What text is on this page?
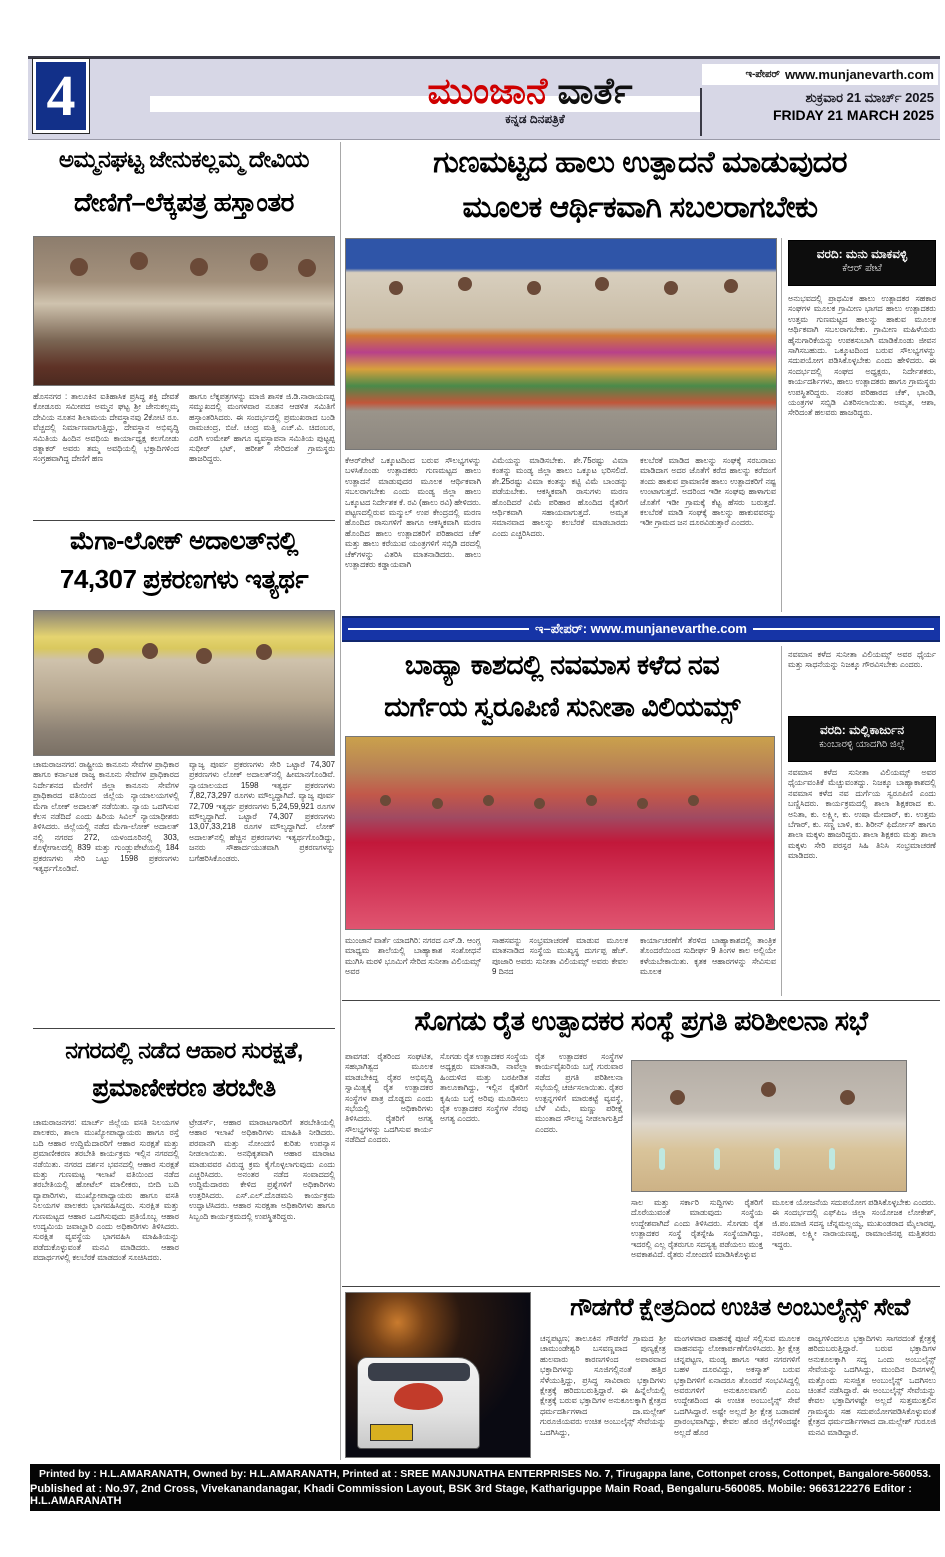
4	ಮುಂಜಾನೆ ವಾರ್ತೆ
ಕನ್ನಡ ದಿನಪತ್ರಿಕೆ
ಇ-ಪೇಪರ್ www.munjanevarth.com
ಶುಕ್ರವಾರ 21 ಮಾರ್ಚ್ 2025
FRIDAY 21 MARCH 2025
ಅಮ್ಮನಘಟ್ಟ ಜೇನುಕಲ್ಲಮ್ಮ ದೇವಿಯ
ದೇಣಿಗೆ–ಲೆಕ್ಕಪತ್ರ ಹಸ್ತಾಂತರ
ಹೊಸನಗರ : ತಾಲೂಕಿನ ಐತಿಹಾಸಿಕ ಪ್ರಸಿದ್ಧ ಶಕ್ತಿ ದೇವತೆ ಕೋಡೂರು ಸಮೀಪದ ಅಮ್ಮನ ಘಟ್ಟ ಶ್ರೀ ಜೇನುಕಲ್ಲಮ್ಮ ದೇವಿಯ ನೂತನ ಶಿಲಾಮಯ ದೇವಸ್ಥಾನವು 2ಕೋಟಿ ರೂ. ವೆಚ್ಚದಲ್ಲಿ ನಿರ್ಮಾಣವಾಗುತ್ತಿದ್ದು, ದೇವಸ್ಥಾನ ಅಭಿವೃದ್ಧಿ ಸಮಿತಿಯ ಹಿಂದಿನ ಅವಧಿಯ ಕಾರ್ಯಾಧ್ಯಕ್ಷ ಕಲಗೋಡು ರತ್ನಾಕರ್ ಅವರು ತಮ್ಮ ಅವಧಿಯಲ್ಲಿ ಭಕ್ತಾದಿಗಳಿಂದ ಸಂಗ್ರಹವಾಗಿದ್ದ ದೇಣಿಗೆ ಹಣ
ಹಾಗೂ ಲೆಕ್ಕಪತ್ರಗಳನ್ನು ಮಾಜಿ ಶಾಸಕ ಜಿ.ಡಿ.ನಾರಾಯಣಪ್ಪ ಸಮ್ಮುಖದಲ್ಲಿ ಮಂಗಳವಾರ ನೂತನ ಆಡಳಿತ ಸಮಿತಿಗೆ ಹಸ್ತಾಂತರಿಸಿದರು. ಈ ಸಂದರ್ಭದಲ್ಲಿ ಪ್ರಮುಖರಾದ ಬಂಡಿ ರಾಮಚಂದ್ರ, ಬಿಜೆ. ಚಂದ್ರ ಮತ್ತಿ ಎಚ್.ವಿ. ಚಿದಂಬರ, ಎರಗಿ ಉಮೇಶ್ ಹಾಗೂ ವ್ಯವಸ್ಥಾಪನಾ ಸಮಿತಿಯ ಪುಟ್ಟಪ್ಪ ಸುಧೀರ್ ಭಟ್, ಹರೀಶ್ ಸೇರಿದಂತೆ ಗ್ರಾಮಸ್ಥರು ಹಾಜರಿದ್ದರು.
ಮೆಗಾ-ಲೋಕ್ ಅದಾಲತ್‌ನಲ್ಲಿ
74,307 ಪ್ರಕರಣಗಳು ಇತ್ಯರ್ಥ
ಚಾಮರಾಜನಗರ: ರಾಷ್ಟ್ರೀಯ ಕಾನೂನು ಸೇವೆಗಳ ಪ್ರಾಧಿಕಾರ ಹಾಗೂ ಕರ್ನಾಟಕ ರಾಜ್ಯ ಕಾನೂನು ಸೇವೆಗಳ ಪ್ರಾಧಿಕಾರದ ನಿರ್ದೇಶನದ ಮೇರೆಗೆ ಜಿಲ್ಲಾ ಕಾನೂನು ಸೇವೆಗಳ ಪ್ರಾಧಿಕಾರದ ವತಿಯಿಂದ ಜಿಲ್ಲೆಯ ನ್ಯಾಯಾಲಯಗಳಲ್ಲಿ ಮೆಗಾ ಲೋಕ್ ಅದಾಲತ್ ನಡೆಯಿತು. ನ್ಯಾಯ ಒದಗಿಸುವ ಕೆಲಸ ನಡೆದಿದೆ ಎಂದು ಹಿರಿಯ ಸಿವಿಲ್ ನ್ಯಾಯಾಧೀಶರು ತಿಳಿಸಿದರು. ಜಿಲ್ಲೆಯಲ್ಲಿ ನಡೆದ ಮೆಗಾ-ಲೋಕ್ ಅದಾಲತ್ ನಲ್ಲಿ ನಗರದ 272, ಯಳಂದೂರಿನಲ್ಲಿ 303, ಕೊಳ್ಳೇಗಾಲದಲ್ಲಿ 839 ಮತ್ತು ಗುಂಡ್ಲುಪೇಟೆಯಲ್ಲಿ 184 ಪ್ರಕರಣಗಳು ಸೇರಿ ಒಟ್ಟು 1598 ಪ್ರಕರಣಗಳು ಇತ್ಯರ್ಥಗೊಂಡಿವೆ.
ವ್ಯಾಜ್ಯ ಪೂರ್ವ ಪ್ರಕರಣಗಳು ಸೇರಿ ಒಟ್ಟಾರೆ 74,307 ಪ್ರಕರಣಗಳು ಲೋಕ್ ಅದಾಲತ್‌ನಲ್ಲಿ ಹೀಮಾನಗೊಂಡಿವೆ. ನ್ಯಾಯಾಲಯದ 1598 ಇತ್ಯರ್ಥ ಪ್ರಕರಣಗಳು 7,82,73,297 ರೂಗಳು ಮೌಲ್ಯದ್ದಾಗಿದೆ. ವ್ಯಾಜ್ಯ ಪೂರ್ವ 72,709 ಇತ್ಯರ್ಥ ಪ್ರಕರಣಗಳು 5,24,59,921 ರೂಗಳ ಮೌಲ್ಯದ್ದಾಗಿದೆ. ಒಟ್ಟಾರೆ 74,307 ಪ್ರಕರಣಗಳು 13,07,33,218 ರೂಗಳ ಮೌಲ್ಯದ್ದಾಗಿದೆ. ಲೋಕ್ ಅದಾಲತ್‌ನಲ್ಲಿ ಹೆಚ್ಚಿನ ಪ್ರಕರಣಗಳು ಇತ್ಯರ್ಥಗೊಂಡಿದ್ದು, ಜನರು ಸೌಹಾರ್ದಯುತವಾಗಿ ಪ್ರಕರಣಗಳನ್ನು ಬಗೆಹರಿಸಿಕೊಂಡರು.
ನಗರದಲ್ಲಿ ನಡೆದ ಆಹಾರ ಸುರಕ್ಷತೆ,
ಪ್ರಮಾಣೀಕರಣ ತರಬೇತಿ
ಚಾಮರಾಜನಗರ: ಮಾರ್ಚ್ ಜಿಲ್ಲೆಯ ವಸತಿ ನಿಲಯಗಳ ಪಾಲಕರು, ಶಾಲಾ ಮುಖ್ಯೋಪಾಧ್ಯಾಯರು ಹಾಗೂ ರಸ್ತೆ ಬದಿ ಆಹಾರ ಉದ್ದಿಮೆದಾರರಿಗೆ ಆಹಾರ ಸುರಕ್ಷತೆ ಮತ್ತು ಪ್ರಮಾಣೀಕರಣ ತರಬೇತಿ ಕಾರ್ಯಕ್ರಮ ಇಲ್ಲಿನ ನಗರದಲ್ಲಿ ನಡೆಯಿತು. ನಗರದ ದರ್ಶನ ಭವನದಲ್ಲಿ ಆಹಾರ ಸುರಕ್ಷತೆ ಮತ್ತು ಗುಣಮಟ್ಟ ಇಲಾಖೆ ವತಿಯಿಂದ ನಡೆದ ತರಬೇತಿಯಲ್ಲಿ ಹೋಟೆಲ್ ಮಾಲೀಕರು, ಬೀದಿ ಬದಿ ವ್ಯಾಪಾರಿಗಳು, ಮುಖ್ಯೋಪಾಧ್ಯಾಯರು ಹಾಗೂ ವಸತಿ ನಿಲಯಗಳ ಪಾಲಕರು ಭಾಗವಹಿಸಿದ್ದರು. ಸುರಕ್ಷಿತ ಮತ್ತು ಗುಣಮಟ್ಟದ ಆಹಾರ ಒದಗಿಸುವುದು ಪ್ರತಿಯೊಬ್ಬ ಆಹಾರ ಉದ್ಯಮಿಯ ಜವಾಬ್ದಾರಿ ಎಂದು ಅಧಿಕಾರಿಗಳು ತಿಳಿಸಿದರು. ಸುರಕ್ಷಿತ ವ್ಯವಸ್ಥೆಯ ಭಾಗವಹಿಸಿ ಮಾಹಿತಿಯನ್ನು ಪಡೆದುಕೊಳ್ಳುವಂತೆ ಮನವಿ ಮಾಡಿದರು. ಆಹಾರ ಪದಾರ್ಥಗಳಲ್ಲಿ ಕಲಬೆರಕೆ ಮಾಡದಂತೆ ಸೂಚಿಸಿದರು.
ಟ್ರೇಡರ್ಸ್, ಆಹಾರ ಮಾರಾಟಗಾರರಿಗೆ ತರಬೇತಿಯಲ್ಲಿ ಆಹಾರ ಇಲಾಖೆ ಅಧಿಕಾರಿಗಳು ಮಾಹಿತಿ ನೀಡಿದರು. ಪರವಾನಗಿ ಮತ್ತು ನೋಂದಣಿ ಕುರಿತು ಉಪನ್ಯಾಸ ನೀಡಲಾಯಿತು. ಅನಧಿಕೃತವಾಗಿ ಆಹಾರ ಮಾರಾಟ ಮಾಡುವವರ ವಿರುದ್ಧ ಕ್ರಮ ಕೈಗೊಳ್ಳಲಾಗುವುದು ಎಂದು ಎಚ್ಚರಿಸಿದರು. ಅನಂತರ ನಡೆದ ಸಂವಾದದಲ್ಲಿ ಉದ್ದಿಮೆದಾರರು ಕೇಳಿದ ಪ್ರಶ್ನೆಗಳಿಗೆ ಅಧಿಕಾರಿಗಳು ಉತ್ತರಿಸಿದರು. ಎಸ್.ಎಲ್.ದೊಡಮನಿ ಕಾರ್ಯಕ್ರಮ ಉದ್ಘಾಟಿಸಿದರು. ಆಹಾರ ಸುರಕ್ಷತಾ ಅಧಿಕಾರಿಗಳು ಹಾಗೂ ಸಿಬ್ಬಂದಿ ಕಾರ್ಯಕ್ರಮದಲ್ಲಿ ಉಪಸ್ಥಿತರಿದ್ದರು.
ಗುಣಮಟ್ಟದ ಹಾಲು ಉತ್ಪಾದನೆ ಮಾಡುವುದರ
ಮೂಲಕ ಆರ್ಥಿಕವಾಗಿ ಸಬಲರಾಗಬೇಕು
ವರದಿ: ಮನು ಮಾಕವಳ್ಳಿ
ಕೆಆರ್ ಪೇಟೆ
ಅನುಭವದಲ್ಲಿ ಪ್ರಾಥಮಿಕ ಹಾಲು ಉತ್ಪಾದಕರ ಸಹಕಾರ ಸಂಘಗಳ ಮೂಲಕ ಗ್ರಾಮೀಣ ಭಾಗದ ಹಾಲು ಉತ್ಪಾದಕರು ಉತ್ತಮ ಗುಣಮಟ್ಟದ ಹಾಲನ್ನು ಹಾಕುವ ಮೂಲಕ ಆರ್ಥಿಕವಾಗಿ ಸಬಲರಾಗಬೇಕು. ಗ್ರಾಮೀಣ ಮಹಿಳೆಯರು ಹೈನುಗಾರಿಕೆಯನ್ನು ಉಪಕಸುಬಾಗಿ ಮಾಡಿಕೊಂಡು ಜೀವನ ಸಾಗಿಸಬಹುದು. ಒಕ್ಕೂಟದಿಂದ ಬರುವ ಸೌಲಭ್ಯಗಳನ್ನು ಸದುಪಯೋಗ ಪಡಿಸಿಕೊಳ್ಳಬೇಕು ಎಂದು ಹೇಳಿದರು. ಈ ಸಂದರ್ಭದಲ್ಲಿ ಸಂಘದ ಅಧ್ಯಕ್ಷರು, ನಿರ್ದೇಶಕರು, ಕಾರ್ಯದರ್ಶಿಗಳು, ಹಾಲು ಉತ್ಪಾದಕರು ಹಾಗೂ ಗ್ರಾಮಸ್ಥರು ಉಪಸ್ಥಿತರಿದ್ದರು. ನಂತರ ಪರಿಹಾರದ ಚೆಕ್, ಭಾಂಡಿ, ಯಂತ್ರಗಳ ಸಬ್ಸಿಡಿ ವಿತರಿಸಲಾಯಿತು. ಅಮೃತ, ಆಶಾ, ಸೇರಿದಂತೆ ಹಲವರು ಹಾಜರಿದ್ದರು.
ಕೆಆರ್‌ಪೇಟೆ ಒಕ್ಕೂಟದಿಂದ ಬರುವ ಸೌಲಭ್ಯಗಳನ್ನು ಬಳಸಿಕೊಂಡು ಉತ್ಪಾದಕರು ಗುಣಮಟ್ಟದ ಹಾಲು ಉತ್ಪಾದನೆ ಮಾಡುವುದರ ಮೂಲಕ ಆರ್ಥಿಕವಾಗಿ ಸಬಲರಾಗಬೇಕು ಎಂದು ಮಂಡ್ಯ ಜಿಲ್ಲಾ ಹಾಲು ಒಕ್ಕೂಟದ ನಿರ್ದೇಶಕ ಕೆ. ರವಿ (ಹಾಲು ರವಿ) ಹೇಳಿದರು. ಪಟ್ಟಣದಲ್ಲಿರುವ ಮನ್ಮುಲ್ ಉಪ ಕೇಂದ್ರದಲ್ಲಿ ಮರಣ ಹೊಂದಿದ ರಾಸುಗಳಿಗೆ ಹಾಗೂ ಆಕಸ್ಮಿಕವಾಗಿ ಮರಣ ಹೊಂದಿದ ಹಾಲು ಉತ್ಪಾದಕರಿಗೆ ಪರಿಹಾರದ ಚೆಕ್ ಮತ್ತು ಹಾಲು ಕರೆಯುವ ಯಂತ್ರಗಳಿಗೆ ಸಬ್ಸಿಡಿ ದರದಲ್ಲಿ ಚೆಕ್‌ಗಳನ್ನು ವಿತರಿಸಿ ಮಾತನಾಡಿದರು. ಹಾಲು ಉತ್ಪಾದಕರು ಕಡ್ಡಾಯವಾಗಿ
ವಿಮೆಯನ್ನು ಮಾಡಿಸಬೇಕು. ಶೇ.75ರಷ್ಟು ವಿಮಾ ಕಂತನ್ನು ಮಂಡ್ಯ ಜಿಲ್ಲಾ ಹಾಲು ಒಕ್ಕೂಟ ಭರಿಸಲಿದೆ. ಶೇ.25ರಷ್ಟು ವಿಮಾ ಕಂತನ್ನು ಕಟ್ಟಿ ವಿಮೆ ಬಾಂಡನ್ನು ಪಡೆಯಬೇಕು. ಆಕಸ್ಮಿಕವಾಗಿ ರಾಸುಗಳು ಮರಣ ಹೊಂದಿದರೆ ವಿಮೆ ಪರಿಹಾರ ಹೊಂದಿದ ರೈತರಿಗೆ ಆರ್ಥಿಕವಾಗಿ ಸಹಾಯವಾಗುತ್ತದೆ. ಅಮೃತ ಸಮಾನವಾದ ಹಾಲನ್ನು ಕಲಬೆರಕೆ ಮಾಡಬಾರದು ಎಂದು ಎಚ್ಚರಿಸಿದರು.
ಕಲಬೆರಕೆ ಮಾಡಿದ ಹಾಲನ್ನು ಸಂಘಕ್ಕೆ ಸರಬರಾಜು ಮಾಡಿದಾಗ ಅದರ ಜೊತೆಗೆ ಕರೆದ ಹಾಲನ್ನು ಕರೆದಂಗೆ ತಂದು ಹಾಕುವ ಪ್ರಾಮಾಣಿಕ ಹಾಲು ಉತ್ಪಾದಕರಿಗೆ ನಷ್ಟ ಉಂಟಾಗುತ್ತದೆ. ಅದರಿಂದ ಇಡೀ ಸಂಘವು ಹಾಳಾಗುವ ಜೊತೆಗೆ ಇಡೀ ಗ್ರಾಮಕ್ಕೆ ಕೆಟ್ಟ ಹೆಸರು ಬರುತ್ತದೆ. ಕಲಬೆರಕೆ ಮಾಡಿ ಸಂಘಕ್ಕೆ ಹಾಲನ್ನು ಹಾಕುವವರನ್ನು ಇಡೀ ಗ್ರಾಮದ ಜನ ದೂರವಿಡುತ್ತಾರೆ ಎಂದರು.
ಇ–ಪೇಪರ್: www.munjanevarthe.com
ಬಾಹ್ಯಾ ಕಾಶದಲ್ಲಿ ನವಮಾಸ ಕಳೆದ ನವ
ದುರ್ಗೆಯ ಸ್ವರೂಪಿಣಿ ಸುನೀತಾ ವಿಲಿಯಮ್ಸ್
ನವಮಾಸ ಕಳೆದ ಸುನೀತಾ ವಿಲಿಯಮ್ಸ್ ಅವರ ಧೈರ್ಯ ಮತ್ತು ಸಾಧನೆಯನ್ನು ನಿಜಕ್ಕೂ ಗೌರವಿಸಬೇಕು ಎಂದರು.
ವರದಿ: ಮಲ್ಲಿಕಾರ್ಜುನ
ಕುಂಬಾರಳ್ಳಿ ಯಾದಗಿರಿ ಜಿಲ್ಲೆ
ನವಮಾಸ ಕಳೆದ ಸುನೀತಾ ವಿಲಿಯಮ್ಸ್ ಅವರ ಧೈರ್ಯವಂತಿಕೆ ಮೆಚ್ಚುವಂತದ್ದು. ನಿಜಕ್ಕೂ ಬಾಹ್ಯಾಕಾಶದಲ್ಲಿ ನವಮಾಸ ಕಳೆದ ನವ ದುರ್ಗೆಯ ಸ್ವರೂಪಿಣಿ ಎಂದು ಬಣ್ಣಿಸಿದರು. ಕಾರ್ಯಕ್ರಮದಲ್ಲಿ ಶಾಲಾ ಶಿಕ್ಷಕರಾದ ಕು. ಅನಿತಾ, ಕು. ಲಕ್ಷ್ಮೀ, ಕು. ಉಷಾ ಮೇದಾರ್, ಕು. ಉತ್ತಮ ಬೆಗಾರ್, ಕು. ಸಣ್ಣ ಬಾಳಿ, ಕು. ಶಿರೀನ್ ಫಿರ್ದೋಸ್ ಹಾಗೂ ಶಾಲಾ ಮಕ್ಕಳು ಹಾಜರಿದ್ದರು. ಶಾಲಾ ಶಿಕ್ಷಕರು ಮತ್ತು ಶಾಲಾ ಮಕ್ಕಳು ಸೇರಿ ಪರಸ್ಪರ ಸಿಹಿ ತಿನಿಸಿ ಸಂಭ್ರಮಾಚರಣೆ ಮಾಡಿದರು.
ಮುಂಜಾನೆ ವಾರ್ತೆ ಯಾದಗಿರಿ: ನಗರದ ಎಸ್.ಡಿ. ಆಂಗ್ಲ ಮಾಧ್ಯಮ ಶಾಲೆಯಲ್ಲಿ ಬಾಹ್ಯಾಕಾಶ ಸಂಶೋಧನೆ ಮುಗಿಸಿ ಮರಳಿ ಭೂಮಿಗೆ ಸೇರಿದ ಸುನೀತಾ ವಿಲಿಯಮ್ಸ್ ಅವರ
ಸಾಹಸವನ್ನು ಸಂಭ್ರಮಾಚರಣೆ ಮಾಡುವ ಮೂಲಕ ಮಾತನಾಡಿದ ಸಂಸ್ಥೆಯ ಮುಖ್ಯಸ್ಥ ದುರ್ಗಪ್ಪ ಹೆಚ್. ಪೂಜಾರಿ ಅವರು ಸುನೀತಾ ವಿಲಿಯಮ್ಸ್ ಅವರು ಕೇವಲ 9 ದಿನದ
ಕಾರ್ಯಾಚರಣೆಗೆ ತೆರಳಿದ ಬಾಹ್ಯಾಕಾಶದಲ್ಲಿ ತಾಂತ್ರಿಕ ತೊಂದರೆಯಿಂದ ಸುದೀರ್ಘ 9 ತಿಂಗಳ ಕಾಲ ಅಲ್ಲಿಯೇ ಕಳೆಯಬೇಕಾಯಿತು. ಕೃತಕ ಆಹಾರಗಳನ್ನು ಸೇವಿಸುವ ಮೂಲಕ
ಸೊಗಡು ರೈತ ಉತ್ಪಾದಕರ ಸಂಸ್ಥೆ ಪ್ರಗತಿ ಪರಿಶೀಲನಾ ಸಭೆ
ಪಾವಗಡ: ರೈತರಿಂದ ಸಂಘಟಿತ, ಸಹಭಾಗಿತ್ವದ ಮೂಲಕ ಮಾಡಬೇಕಿದ್ದ ರೈತರ ಅಭಿವೃದ್ಧಿ ಸ್ವಾಮಿತ್ವಕ್ಕೆ ರೈತ ಉತ್ಪಾದಕರ ಸಂಸ್ಥೆಗಳ ಪಾತ್ರ ದೊಡ್ಡದು ಎಂದು ಸಭೆಯಲ್ಲಿ ಅಧಿಕಾರಿಗಳು ತಿಳಿಸಿದರು. ರೈತರಿಗೆ ಅಗತ್ಯ ಸೌಲಭ್ಯಗಳನ್ನು ಒದಗಿಸುವ ಕಾರ್ಯ ನಡೆದಿದೆ ಎಂದರು.
ಸೊಗಡು ರೈತ ಉತ್ಪಾದಕರ ಸಂಸ್ಥೆಯ ಅಧ್ಯಕ್ಷರು ಮಾತನಾಡಿ, ನಾವೆಲ್ಲಾ ಹಿಂದುಳಿದ ಮತ್ತು ಬರಪೀಡಿತ ತಾಲೂಕಾಗಿದ್ದು, ಇಲ್ಲಿನ ರೈತರಿಗೆ ಕೃಷಿಯ ಬಗ್ಗೆ ಅರಿವು ಮೂಡಿಸಲು ರೈತ ಉತ್ಪಾದಕರ ಸಂಸ್ಥೆಗಳ ನೆರವು ಅಗತ್ಯ ಎಂದರು.
ರೈತ ಉತ್ಪಾದಕರ ಸಂಸ್ಥೆಗಳ ಕಾರ್ಯವೈಖರಿಯ ಬಗ್ಗೆ ಗುರುವಾರ ನಡೆದ ಪ್ರಗತಿ ಪರಿಶೀಲನಾ ಸಭೆಯಲ್ಲಿ ಚರ್ಚಿಸಲಾಯಿತು. ರೈತರ ಉತ್ಪನ್ನಗಳಿಗೆ ಮಾರುಕಟ್ಟೆ ವ್ಯವಸ್ಥೆ, ಬೆಳೆ ವಿಮೆ, ಮಣ್ಣು ಪರೀಕ್ಷೆ ಮುಂತಾದ ಸೌಲಭ್ಯ ನೀಡಲಾಗುತ್ತಿದೆ ಎಂದರು.
ಸಾಲ ಮತ್ತು ಸರ್ಕಾರಿ ಸುದ್ದಿಗಳು ರೈತರಿಗೆ ದೊರೆಯುವಂತೆ ಮಾಡುವುದು ಸಂಸ್ಥೆಯ ಉದ್ದೇಶವಾಗಿದೆ ಎಂದು ತಿಳಿಸಿದರು. ಸೊಗಡು ರೈತ ಉತ್ಪಾದಕರ ಸಂಸ್ಥೆ ರೈತಸ್ನೇಹಿ ಸಂಸ್ಥೆಯಾಗಿದ್ದು, ಇದರಲ್ಲಿ ಎಲ್ಲ ರೈತರುಗೂ ಸದಸ್ಯತ್ವ ಪಡೆಯಲು ಮುಕ್ತ ಅವಕಾಶವಿದೆ. ರೈತರು ನೋಂದಣಿ ಮಾಡಿಸಿಕೊಳ್ಳುವ
ಮೂಲಕ ಯೋಜನೆಯ ಸದುಪಯೋಗ ಪಡಿಸಿಕೊಳ್ಳಬೇಕು ಎಂದರು. ಈ ಸಂದರ್ಭದಲ್ಲಿ ಎಫ್‌ಪಿಒ ಜಿಲ್ಲಾ ಸಂಯೋಜಕ ಲೋಕೇಶ್, ಜಿ.ಪಂ.ಮಾಜಿ ಸದಸ್ಯ ಚೆನ್ನಮಲ್ಲಯ್ಯ, ಮುಖಂಡರಾದ ಮೈಲಾರಪ್ಪ, ನರಸಿಂಹ, ಲಕ್ಷ್ಮೀ ನಾರಾಯಣಪ್ಪ, ರಾಮಾಂಜಿನಪ್ಪ ಮತ್ತಿತರರು ಇದ್ದರು.
ಗೌಡಗೆರೆ ಕ್ಷೇತ್ರದಿಂದ ಉಚಿತ ಅಂಬುಲೈನ್ಸ್ ಸೇವೆ
ಚನ್ನಪಟ್ಟಣ; ತಾಲೂಕಿನ ಗೌಡಗೆರೆ ಗ್ರಾಮದ ಶ್ರೀ ಚಾಮುಂಡೇಶ್ವರಿ ಬಸವಣ್ಣವಾದ ಪುಣ್ಯಕ್ಷೇತ್ರ ಹುಲವಾರು ಕಾರಣಗಳಿಂದ ಅಪಾರವಾದ ಭಕ್ತಾದಿಗಳನ್ನು ಸೂಜಿಗಲ್ಲಿನಂತೆ ಹತ್ತಿರ ಸೆಳೆಯುತ್ತಿದ್ದು, ಪ್ರಸಿದ್ಧ ಸಾವಿರಾರು ಭಕ್ತಾದಿಗಳು ಕ್ಷೇತ್ರಕ್ಕೆ ಹರಿದುಬರುತ್ತಿದ್ದಾರೆ. ಈ ಹಿನ್ನೆಲೆಯಲ್ಲಿ ಕ್ಷೇತ್ರಕ್ಕೆ ಬರುವ ಭಕ್ತಾದಿಗಳ ಅನುಕೂಲಕ್ಕಾಗಿ ಕ್ಷೇತ್ರದ ಧರ್ಮದರ್ಶಿಗಳಾದ ದಾ.ಮಲ್ಲೇಶ್ ಗುರೂಜಿಯವರು ಉಚಿತ ಅಂಬುಲೈನ್ಸ್ ಸೇವೆಯನ್ನು ಒದಗಿಸಿದ್ದು,
ಮಂಗಳವಾರ ವಾಹನಕ್ಕೆ ಪೂಜೆ ಸಲ್ಲಿಸುವ ಮೂಲಕ ವಾಹನವನ್ನು ಲೋಕಾರ್ಪಣೆಗೊಳಿಸಿದರು. ಶ್ರೀ ಕ್ಷೇತ್ರ ಚನ್ನಪಟ್ಟಣ, ಮಂಡ್ಯ ಹಾಗೂ ಇತರ ನಗರಗಳಿಗೆ ಬಹಳ ದೂರವಿದ್ದು, ಅಕಸ್ಮಾತ್ ಬರುವ ಭಕ್ತಾದಿಗಳಿಗೆ ಏನಾದರೂ ತೊಂದರೆ ಸಂಭವಿಸಿದ್ದಲ್ಲಿ ಅವರುಗಳಿಗೆ ಅನುಕೂಲವಾಗಲಿ ಎಂಬ ಉದ್ದೇಶದಿಂದ ಈ ಉಚಿತ ಅಂಬುಲೈನ್ಸ್ ಸೇವೆ ಒದಗಿಸಿದ್ದಾರೆ. ಅಷ್ಟೇ ಅಲ್ಲದೆ ಶ್ರೀ ಕ್ಷೇತ್ರ ಬಡಾವಣೆ ಪ್ರಾರಂಭವಾಗಿದ್ದು, ಕೇವಲ ಹೊರ ಜಿಲ್ಲೆಗಳಿಂದಷ್ಟೇ ಅಲ್ಲದೆ ಹೊರ
ರಾಜ್ಯಗಳಿಂದಲೂ ಭಕ್ತಾದಿಗಳು ಸಾಗರದಂತೆ ಕ್ಷೇತ್ರಕ್ಕೆ ಹರಿದುಬರುತ್ತಿದ್ದಾರೆ. ಬರುವ ಭಕ್ತಾದಿಗಳ ಅನುಕೂಲಕ್ಕಾಗಿ ಸದ್ಯ ಒಂದು ಅಂಬುಲೈನ್ಸ್ ಸೇವೆಯನ್ನು ಒದಗಿಸಿದ್ದು, ಮುಂದಿನ ದಿನಗಳಲ್ಲಿ ಮತ್ತೊಂದು ಸುಸಜ್ಜಿತ ಅಂಬುಲೈನ್ಸ್ ಒದಗಿಸಲು ಚಿಂತನೆ ನಡೆಸಿದ್ದಾರೆ. ಈ ಅಂಬುಲೈನ್ಸ್ ಸೇವೆಯನ್ನು ಕೇವಲ ಭಕ್ತಾದಿಗಳಷ್ಟೇ ಅಲ್ಲದೆ ಸುತ್ತಮುತ್ತಲಿನ ಗ್ರಾಮಸ್ಥರು ಸಹ ಸದುಪಯೋಗಪಡಿಸಿಕೊಳ್ಳುವಂತೆ ಕ್ಷೇತ್ರದ ಧರ್ಮದರ್ಶಿಗಳಾದ ದಾ.ಮಲ್ಲೇಶ್ ಗುರೂಜಿ ಮನವಿ ಮಾಡಿದ್ದಾರೆ.
Printed by : H.L.AMARANATH, Owned by: H.L.AMARANATH, Printed at : SREE MANJUNATHA ENTERPRISES No. 7, Tirugappa lane, Cottonpet cross, Cottonpet, Bangalore-560053.
Published at : No.97, 2nd Cross, Vivekanandanagar, Khadi Commission Layout, BSK 3rd Stage, Kathariguppe Main Road, Bengaluru-560085. Mobile: 9663122276 Editor : H.L.AMARANATH
